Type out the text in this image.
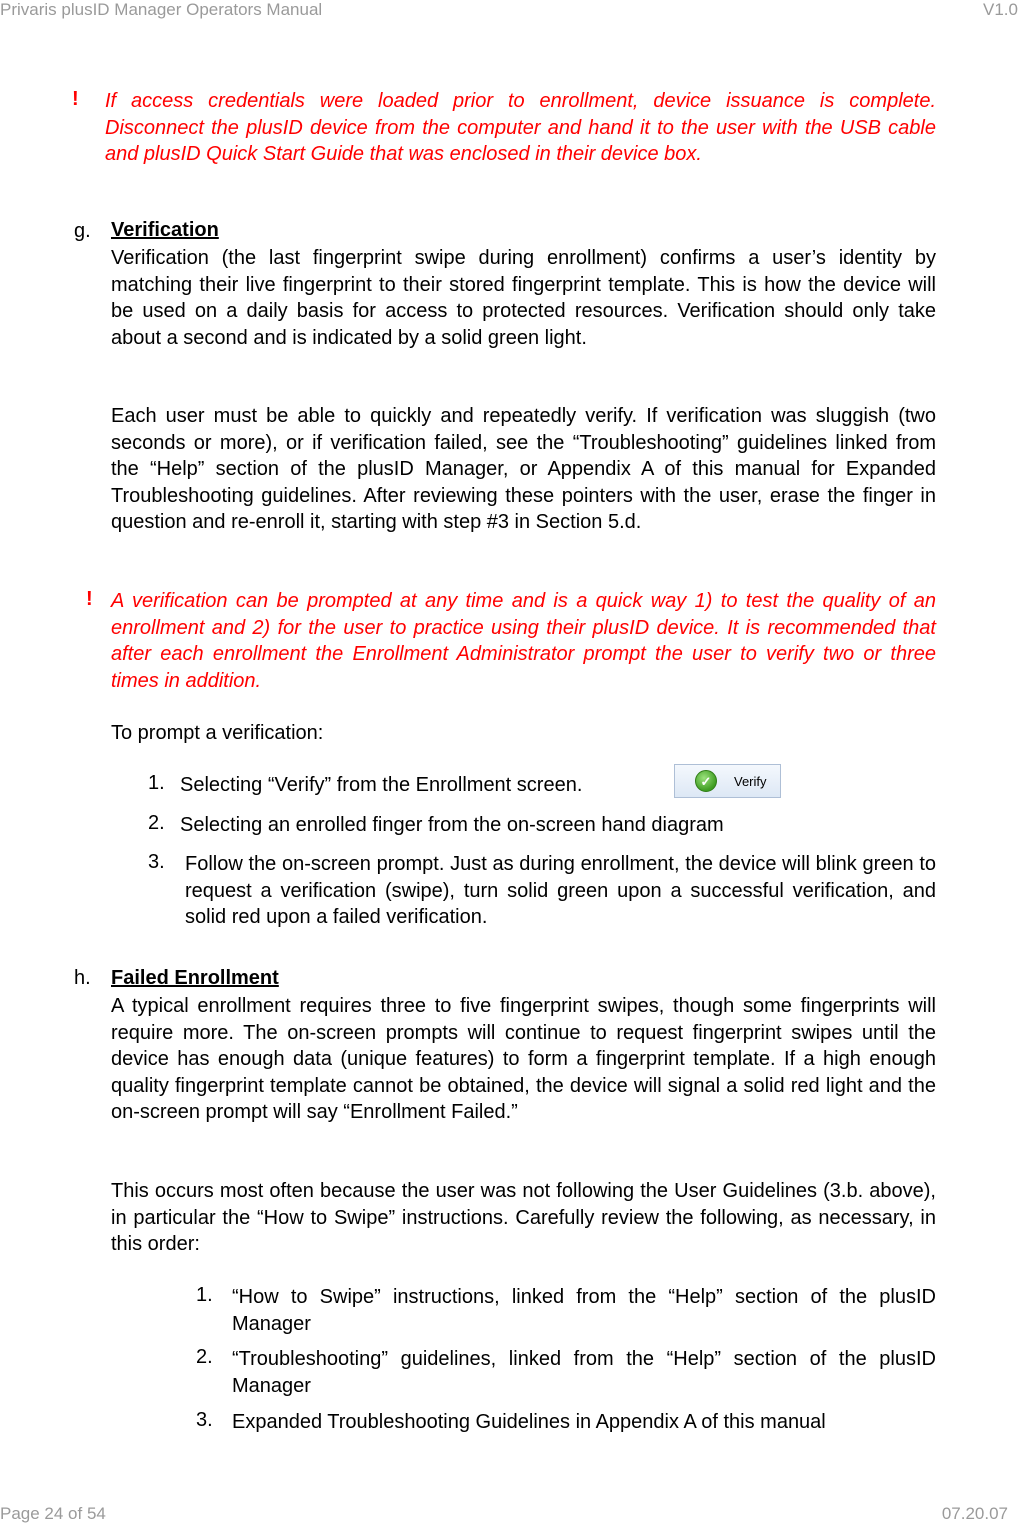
Privaris plusID Manager Operators Manual	V1.0
! If access credentials were loaded prior to enrollment, device issuance is complete. Disconnect the plusID device from the computer and hand it to the user with the USB cable and plusID Quick Start Guide that was enclosed in their device box.

g. Verification

Verification (the last fingerprint swipe during enrollment) confirms a user’s identity by matching their live fingerprint to their stored fingerprint template. This is how the device will be used on a daily basis for access to protected resources. Verification should only take about a second and is indicated by a solid green light.

Each user must be able to quickly and repeatedly verify. If verification was sluggish (two seconds or more), or if verification failed, see the “Troubleshooting” guidelines linked from the “Help” section of the plusID Manager, or Appendix A of this manual for Expanded Troubleshooting guidelines. After reviewing these pointers with the user, erase the finger in question and re-enroll it, starting with step #3 in Section 5.d.

! A verification can be prompted at any time and is a quick way 1) to test the quality of an enrollment and 2) for the user to practice using their plusID device. It is recommended that after each enrollment the Enrollment Administrator prompt the user to verify two or three times in addition.

To prompt a verification:

1. Selecting “Verify” from the Enrollment screen.	✓	Verify
2. Selecting an enrolled finger from the on-screen hand diagram

3. Follow the on-screen prompt. Just as during enrollment, the device will blink green to request a verification (swipe), turn solid green upon a successful verification, and solid red upon a failed verification.

h. Failed Enrollment

A typical enrollment requires three to five fingerprint swipes, though some fingerprints will require more. The on-screen prompts will continue to request fingerprint swipes until the device has enough data (unique features) to form a fingerprint template. If a high enough quality fingerprint template cannot be obtained, the device will signal a solid red light and the on-screen prompt will say “Enrollment Failed.”

This occurs most often because the user was not following the User Guidelines (3.b. above), in particular the “How to Swipe” instructions. Carefully review the following, as necessary, in this order:

1. “How to Swipe” instructions, linked from the “Help” section of the plusID Manager

2. “Troubleshooting” guidelines, linked from the “Help” section of the plusID Manager

3. Expanded Troubleshooting Guidelines in Appendix A of this manual

Page 24 of 54	07.20.07
